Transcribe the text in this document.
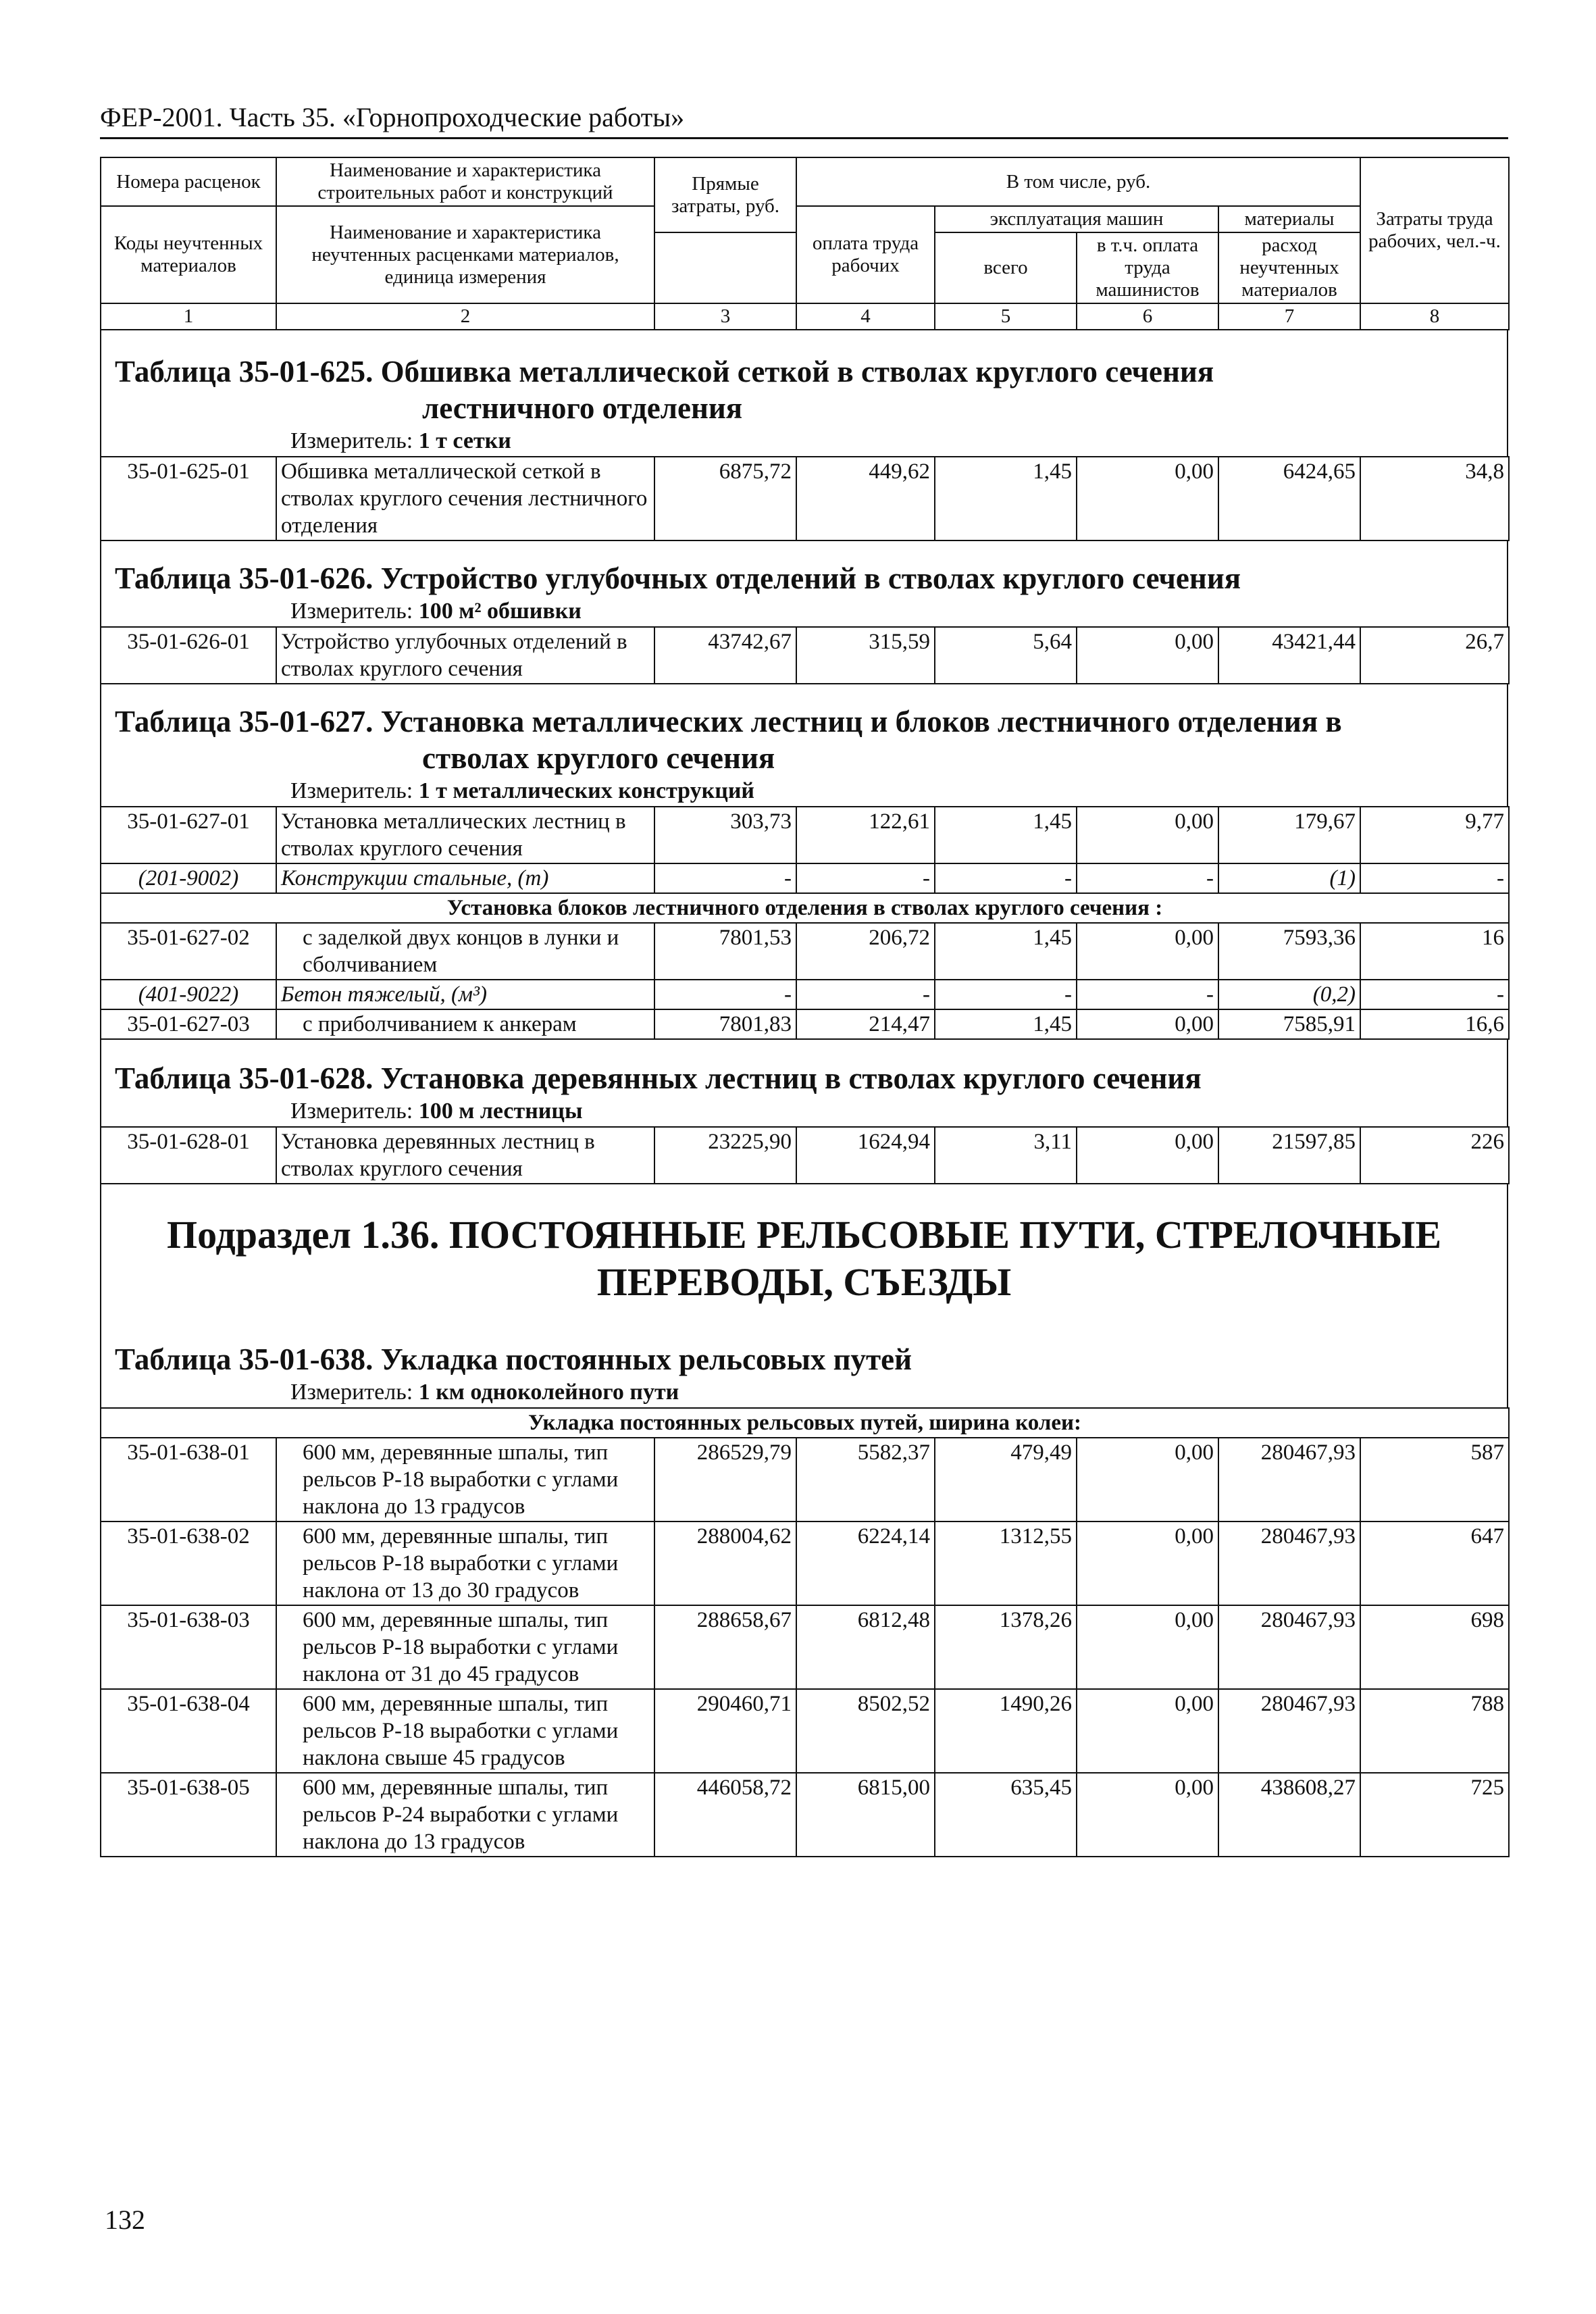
ФЕР-2001. Часть 35. «Горнопроходческие работы»
Номера расценок	Наименование и характеристика строительных работ и конструкций	Прямые затраты, руб.	В том числе, руб.				Затраты труда рабочих, чел.-ч.
Коды неучтенных материалов	Наименование и характеристика неучтенных расценками материалов, единица измерения		оплата труда рабочих	эксплуатация машин		материалы	
				всего	в т.ч. оплата труда машинистов	расход неучтенных материалов	

1	2	3	4	5	6	7	8
Таблица 35-01-625. Обшивка металлической сеткой в стволах круглого сечения
лестничного отделения
Измеритель: 1 т сетки
35-01-625-01	Обшивка металлической сеткой в стволах круглого сечения лестничного отделения	6875,72	449,62	1,45	0,00	6424,65	34,8
Таблица 35-01-626. Устройство углубочных отделений в стволах круглого сечения
Измеритель: 100 м² обшивки
35-01-626-01	Устройство углубочных отделений в стволах круглого сечения	43742,67	315,59	5,64	0,00	43421,44	26,7
Таблица 35-01-627. Установка металлических лестниц и блоков лестничного отделения в
стволах круглого сечения
Измеритель: 1 т металлических конструкций
35-01-627-01	Установка металлических лестниц в стволах круглого сечения	303,73	122,61	1,45	0,00	179,67	9,77
(201-9002)	Конструкции стальные, (т)	-	-	-	-	(1)	-
Установка блоков лестничного отделения в стволах круглого сечения :							
35-01-627-02	с заделкой двух концов в лунки и сболчиванием	7801,53	206,72	1,45	0,00	7593,36	16
(401-9022)	Бетон тяжелый, (м³)	-	-	-	-	(0,2)	-
35-01-627-03	с приболчиванием к анкерам	7801,83	214,47	1,45	0,00	7585,91	16,6
Таблица 35-01-628. Установка деревянных лестниц в стволах круглого сечения
Измеритель: 100 м лестницы
35-01-628-01	Установка деревянных лестниц в стволах круглого сечения	23225,90	1624,94	3,11	0,00	21597,85	226
Подраздел 1.36. ПОСТОЯННЫЕ РЕЛЬСОВЫЕ ПУТИ, СТРЕЛОЧНЫЕ
ПЕРЕВОДЫ, СЪЕЗДЫ
Таблица 35-01-638. Укладка постоянных рельсовых путей
Измеритель: 1 км одноколейного пути
Укладка постоянных рельсовых путей, ширина колеи:							
35-01-638-01	600 мм, деревянные шпалы, тип рельсов Р-18 выработки с углами наклона до 13 градусов	286529,79	5582,37	479,49	0,00	280467,93	587
35-01-638-02	600 мм, деревянные шпалы, тип рельсов Р-18 выработки с углами наклона от 13 до 30 градусов	288004,62	6224,14	1312,55	0,00	280467,93	647
35-01-638-03	600 мм, деревянные шпалы, тип рельсов Р-18 выработки с углами наклона от 31 до 45 градусов	288658,67	6812,48	1378,26	0,00	280467,93	698
35-01-638-04	600 мм, деревянные шпалы, тип рельсов Р-18 выработки с углами наклона свыше 45 градусов	290460,71	8502,52	1490,26	0,00	280467,93	788
35-01-638-05	600 мм, деревянные шпалы, тип рельсов Р-24 выработки с углами наклона до 13 градусов	446058,72	6815,00	635,45	0,00	438608,27	725
132
